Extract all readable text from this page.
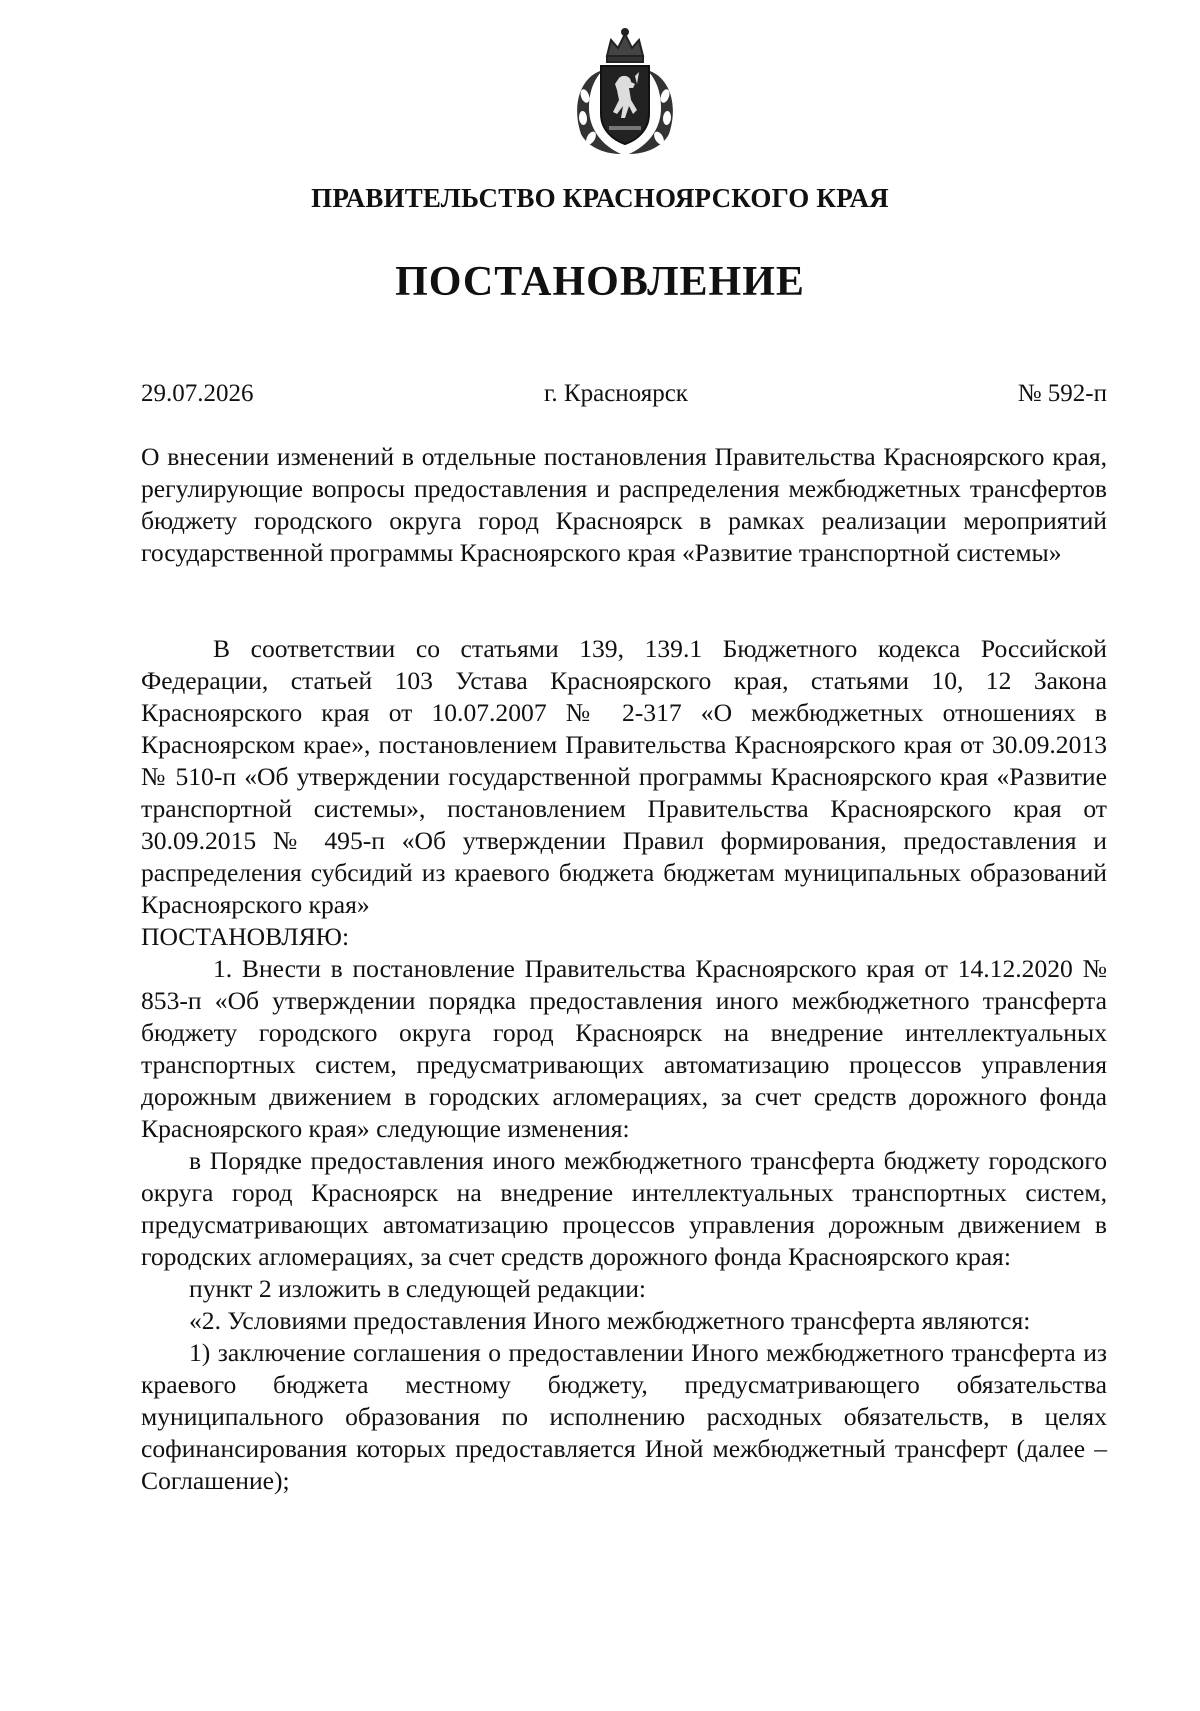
ПРАВИТЕЛЬСТВО КРАСНОЯРСКОГО КРАЯ
ПОСТАНОВЛЕНИЕ
29.07.2026	г. Красноярск	№ 592-п

О внесении изменений в отдельные постановления Правительства Красноярского края, регулирующие вопросы предоставления и распределения межбюджетных трансфертов бюджету городского округа город Красноярск в рамках реализации мероприятий государственной программы Красноярского края «Развитие транспортной системы»

В соответствии со статьями 139, 139.1 Бюджетного кодекса Российской Федерации, статьей 103 Устава Красноярского края, статьями 10, 12 Закона Красноярского края от 10.07.2007 № 2-317 «О межбюджетных отношениях в Красноярском крае», постановлением Правительства Красноярского края от 30.09.2013 № 510-п «Об утверждении государственной программы Красноярского края «Развитие транспортной системы», постановлением Правительства Красноярского края от 30.09.2015 № 495-п «Об утверждении Правил формирования, предоставления и распределения субсидий из краевого бюджета бюджетам муниципальных образований Красноярского края»

ПОСТАНОВЛЯЮ:

1. Внести в постановление Правительства Красноярского края от 14.12.2020 № 853-п «Об утверждении порядка предоставления иного межбюджетного трансферта бюджету городского округа город Красноярск на внедрение интеллектуальных транспортных систем, предусматривающих автоматизацию процессов управления дорожным движением в городских агломерациях, за счет средств дорожного фонда Красноярского края» следующие изменения:

в Порядке предоставления иного межбюджетного трансферта бюджету городского округа город Красноярск на внедрение интеллектуальных транспортных систем, предусматривающих автоматизацию процессов управления дорожным движением в городских агломерациях, за счет средств дорожного фонда Красноярского края:

пункт 2 изложить в следующей редакции:

«2. Условиями предоставления Иного межбюджетного трансферта являются:

1) заключение соглашения о предоставлении Иного межбюджетного трансферта из краевого бюджета местному бюджету, предусматривающего обязательства муниципального образования по исполнению расходных обязательств, в целях софинансирования которых предоставляется Иной межбюджетный трансферт (далее – Соглашение);
